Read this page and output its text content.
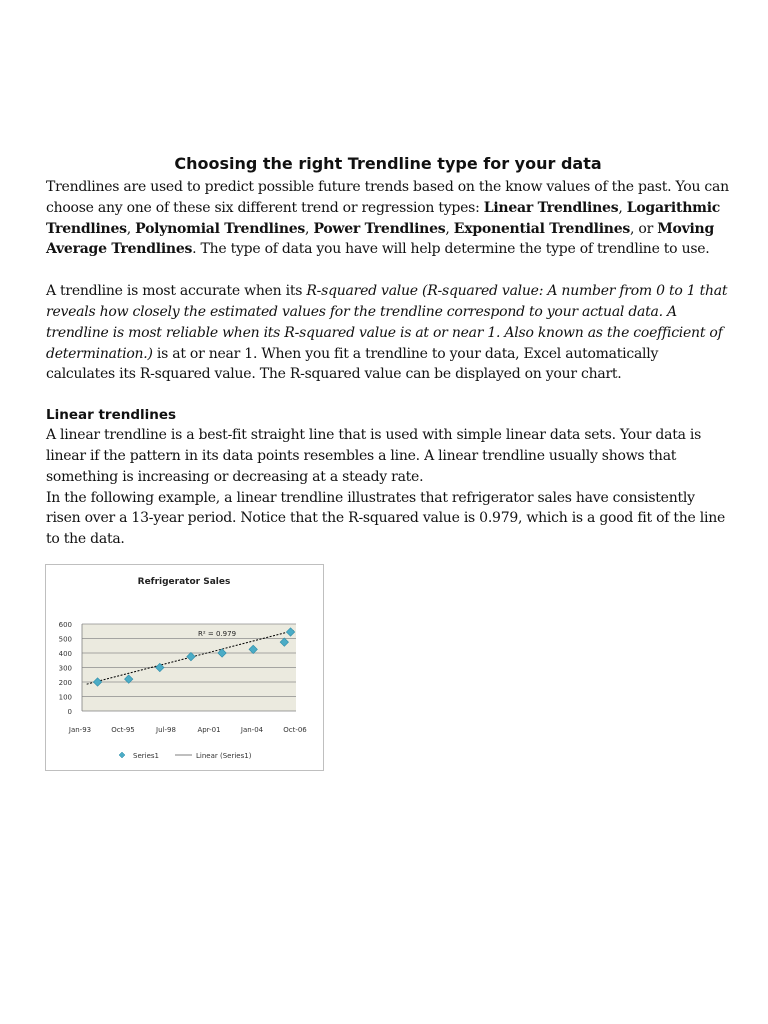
Choosing the right Trendline type for your data

Trendlines are used to predict possible future trends based on the know values of the past. You can choose any one of these six different trend or regression types: Linear Trendlines, Logarithmic Trendlines, Polynomial Trendlines, Power Trendlines, Exponential Trendlines, or Moving Average Trendlines. The type of data you have will help determine the type of trendline to use.

A trendline is most accurate when its R-squared value (R-squared value: A number from 0 to 1 that reveals how closely the estimated values for the trendline correspond to your actual data. A trendline is most reliable when its R-squared value is at or near 1. Also known as the coefficient of determination.) is at or near 1. When you fit a trendline to your data, Excel automatically calculates its R-squared value. The R-squared value can be displayed on your chart.

Linear trendlines

A linear trendline is a best-fit straight line that is used with simple linear data sets. Your data is linear if the pattern in its data points resembles a line. A linear trendline usually shows that something is increasing or decreasing at a steady rate.

In the following example, a linear trendline illustrates that refrigerator sales have consistently risen over a 13-year period. Notice that the R-squared value is 0.979, which is a good fit of the line to the data.

Refrigerator Sales
0
100
200
300
400
500
600
Jan-93	Oct-95	Jul-98	Apr-01	Jan-04	Oct-06
R² = 0.979
Series1	Linear (Series1)
